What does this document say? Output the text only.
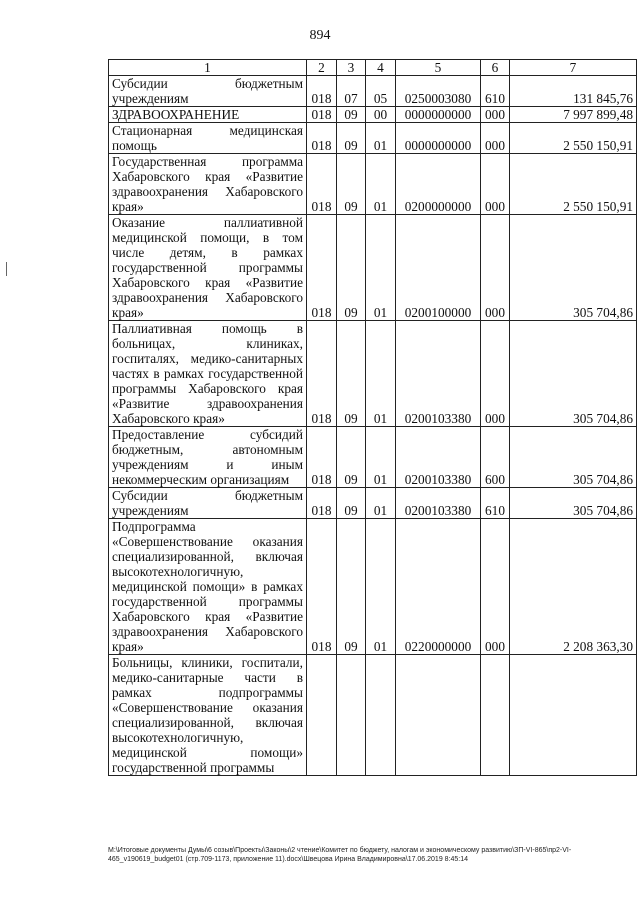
894
1	2	3	4	5	6	7
Субсидии бюджетным учреждениям	018	07	05	0250003080	610	131 845,76
ЗДРАВООХРАНЕНИЕ	018	09	00	0000000000	000	7 997 899,48
Стационарная медицинская помощь	018	09	01	0000000000	000	2 550 150,91
Государственная программа Хабаровского края «Развитие здравоохранения Хабаровского края»	018	09	01	0200000000	000	2 550 150,91
Оказание паллиативной медицинской помощи, в том числе детям, в рамках государственной программы Хабаровского края «Развитие здравоохранения Хабаровского края»	018	09	01	0200100000	000	305 704,86
Паллиативная помощь в больницах, клиниках, госпиталях, медико-санитарных частях в рамках государственной программы Хабаровского края «Развитие здравоохранения Хабаровского края»	018	09	01	0200103380	000	305 704,86
Предоставление субсидий бюджетным, автономным учреждениям и иным некоммерческим организациям	018	09	01	0200103380	600	305 704,86
Субсидии бюджетным учреждениям	018	09	01	0200103380	610	305 704,86
Подпрограмма «Совершенствование оказания специализированной, включая высокотехнологичную, медицинской помощи» в рамках государственной программы Хабаровского края «Развитие здравоохранения Хабаровского края»	018	09	01	0220000000	000	2 208 363,30
Больницы, клиники, госпитали, медико-санитарные части в рамках подпрограммы «Совершенствование оказания специализированной, включая высокотехнологичную, медицинской помощи» государственной программы						
M:\Итоговые документы Думы\6 созыв\Проекты\Законы\2 чтение\Комитет по бюджету, налогам и экономическому развитию\ЗП-VI-865\пр2-VI-465_v190619_budget01 (стр.709-1173, приложение 11).docx\Швецова Ирина Владимировна\17.06.2019 8:45:14
